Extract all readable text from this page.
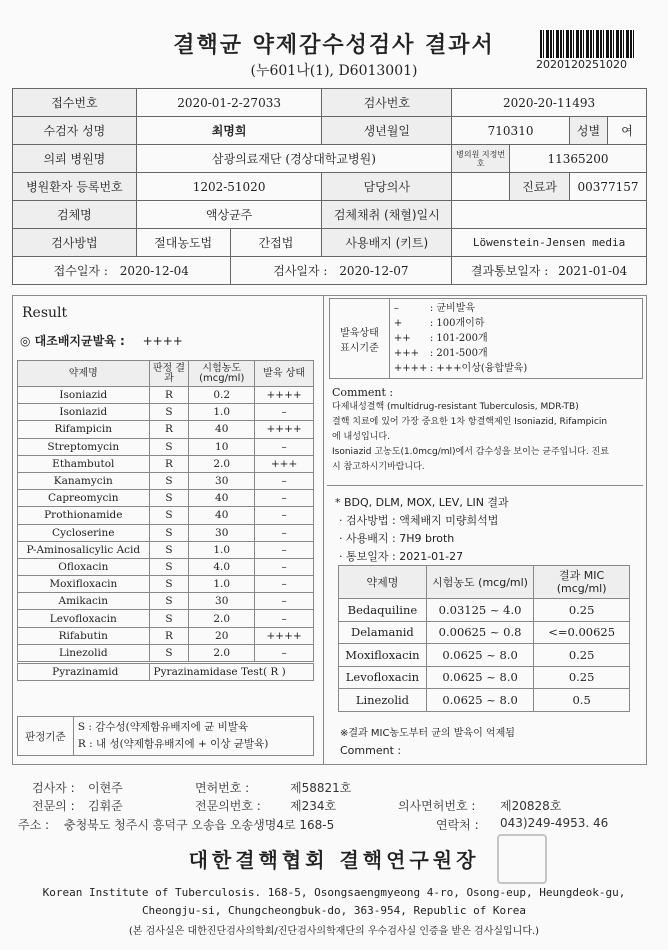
결핵균 약제감수성검사 결과서
(누601나(1), D6013001)	2020120251020
접수번호	2020-01-2-27033		검사번호	2020-20-11493			
수검자 성명	최명희		생년월일	710310		성별	여
의뢰 병원명	삼광의료재단 (경상대학교병원)			병의원 지정번호	11365200		
병원환자 등록번호	1202-51020		담당의사		진료과	00377157	
검체명	액상균주		검체채취 (채혈)일시				
검사방법	절대농도법	간접법	사용배지 (키트)	Löwenstein-Jensen media			
접수일자 : 2020-12-04		검사일자 : 2020-12-07		결과통보일자 : 2021-01-04			
Result
◎ 대조배지균발육 : ++++
약제명	판정 결과	시험농도 (mcg/ml)	발육 상태
Isoniazid	R	0.2	++++
Isoniazid	S	1.0	–
Rifampicin	R	40	++++
Streptomycin	S	10	–
Ethambutol	R	2.0	+++
Kanamycin	S	30	–
Capreomycin	S	40	–
Prothionamide	S	40	–
Cycloserine	S	30	–
P-Aminosalicylic Acid	S	1.0	–
Ofloxacin	S	4.0	–
Moxifloxacin	S	1.0	–
Amikacin	S	30	–
Levofloxacin	S	2.0	–
Rifabutin	R	20	++++
Linezolid	S	2.0	–
Pyrazinamid	Pyrazinamidase Test( R )
판정기준	
S : 감수성(약제함유배지에 균 비발육
R : 내 성(약제함유배지에 + 이상 균발육)
발육상태 표시기준	
–	: 균비발육
+	: 100개이하
++ : 101-200개
+++ : 201-500개
++++ : +++이상(융합발육)
Comment :
다제내성결핵 (multidrug-resistant Tuberculosis, MDR-TB)
결핵 치료에 있어 가장 중요한 1차 항결핵제인 Isoniazid, Rifampicin
에 내성입니다.
Isoniazid 고농도(1.0mcg/ml)에서 감수성을 보이는 균주입니다. 진료
시 참고하시기바랍니다.
* BDQ, DLM, MOX, LEV, LIN 결과
· 검사방법 : 액체배지 미량희석법
· 사용배지 : 7H9 broth
· 통보일자 : 2021-01-27
약제명	시험농도 (mcg/ml)	결과 MIC (mcg/ml)
Bedaquiline	0.03125 ~ 4.0	0.25
Delamanid	0.00625 ~ 0.8	<=0.00625
Moxifloxacin	0.0625 ~ 8.0	0.25
Levofloxacin	0.0625 ~ 8.0	0.25
Linezolid	0.0625 ~ 8.0	0.5
※결과 MIC농도부터 균의 발육이 억제됨
Comment :
검사자 : 이현주	면허번호 :	제58821호
전문의 : 김휘준	전문의번호 : 제234호	의사면허번호 : 제20828호
주소 : 충청북도 청주시 흥덕구 오송읍 오송생명4로 168-5	연락처 : 043)249-4953. 46
대한결핵협회 결핵연구원장
Korean Institute of Tuberculosis. 168-5, Osongsaengmyeong 4-ro, Osong-eup, Heungdeok-gu,
Cheongju-si, Chungcheongbuk-do, 363-954, Republic of Korea
(본 검사실은 대한진단검사의학회/진단검사의학재단의 우수검사실 인증을 받은 검사실입니다.)
